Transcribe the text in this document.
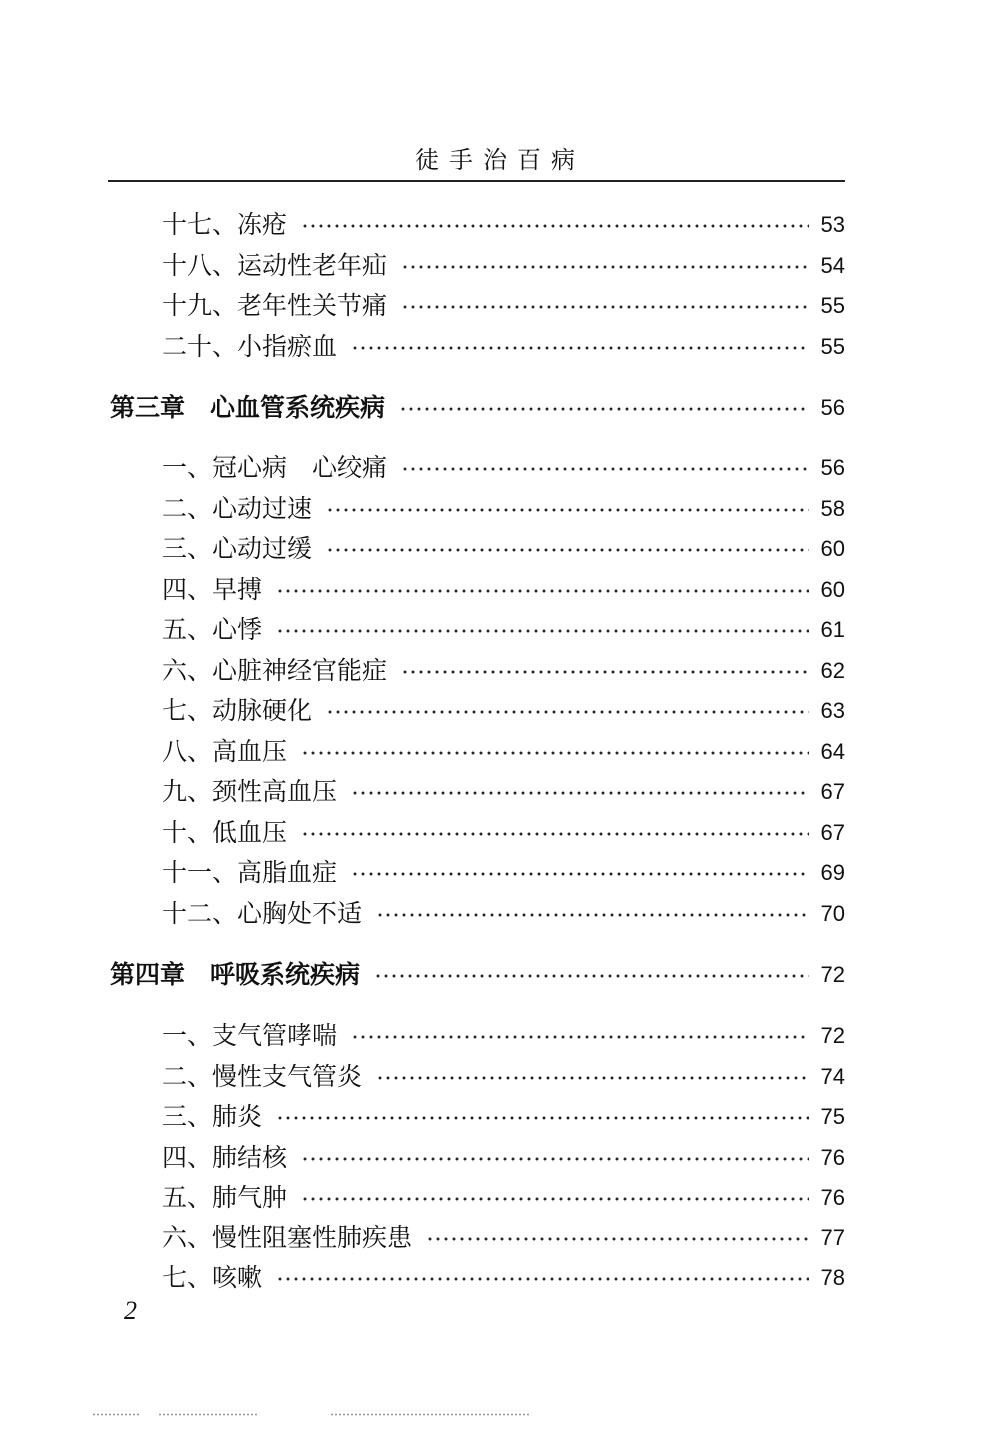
徒手治百病
十七、冻疮	53
十八、运动性老年疝	54
十九、老年性关节痛	55
二十、小指瘀血	55
第三章　心血管系统疾病	56
一、冠心病　心绞痛	56
二、心动过速	58
三、心动过缓	60
四、早搏	60
五、心悸	61
六、心脏神经官能症	62
七、动脉硬化	63
八、高血压	64
九、颈性高血压	67
十、低血压	67
十一、高脂血症	69
十二、心胸处不适	70
第四章　呼吸系统疾病	72
一、支气管哮喘	72
二、慢性支气管炎	74
三、肺炎	75
四、肺结核	76
五、肺气肿	76
六、慢性阻塞性肺疾患	77
七、咳嗽	78
2
